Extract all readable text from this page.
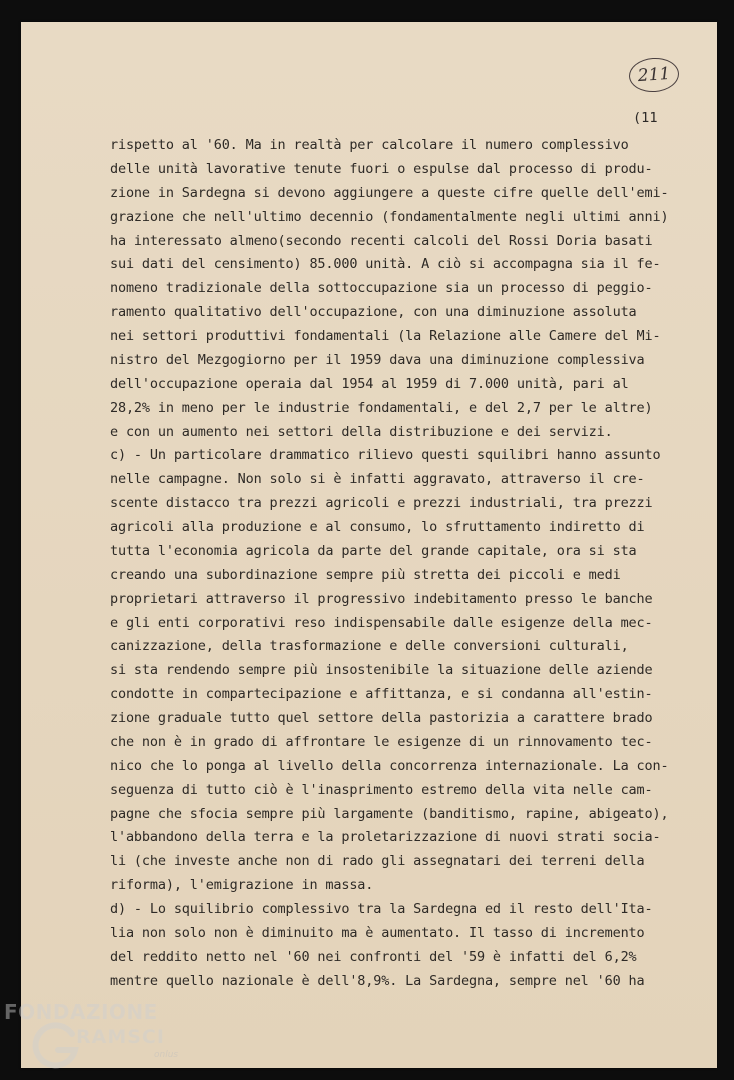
211
(11
rispetto al '60. Ma in realtà per calcolare il numero complessivo
delle unità lavorative tenute fuori o espulse dal processo di produ-
zione in Sardegna si devono aggiungere a queste cifre quelle dell'emi-
grazione che nell'ultimo decennio (fondamentalmente negli ultimi anni)
ha interessato almeno(secondo recenti calcoli del Rossi Doria basati
sui dati del censimento) 85.000 unità. A ciò si accompagna sia il fe-
nomeno tradizionale della sottoccupazione sia un processo di peggio-
ramento qualitativo dell'occupazione, con una diminuzione assoluta
nei settori produttivi fondamentali (la Relazione alle Camere del Mi-
nistro del Mezgogiorno per il 1959 dava una diminuzione complessiva
dell'occupazione operaia dal 1954 al 1959 di 7.000 unità, pari al
28,2% in meno per le industrie fondamentali, e del 2,7 per le altre)
e con un aumento nei settori della distribuzione e dei servizi.
c) - Un particolare drammatico rilievo questi squilibri hanno assunto
nelle campagne. Non solo si è infatti aggravato, attraverso il cre-
scente distacco tra prezzi agricoli e prezzi industriali, tra prezzi
agricoli alla produzione e al consumo, lo sfruttamento indiretto di
tutta l'economia agricola da parte del grande capitale, ora si sta
creando una subordinazione sempre più stretta dei piccoli e medi
proprietari attraverso il progressivo indebitamento presso le banche
e gli enti corporativi reso indispensabile dalle esigenze della mec-
canizzazione, della trasformazione e delle conversioni culturali,
si sta rendendo sempre più insostenibile la situazione delle aziende
condotte in compartecipazione e affittanza, e si condanna all'estin-
zione graduale tutto quel settore della pastorizia a carattere brado
che non è in grado di affrontare le esigenze di un rinnovamento tec-
nico che lo ponga al livello della concorrenza internazionale. La con-
seguenza di tutto ciò è l'inasprimento estremo della vita nelle cam-
pagne che sfocia sempre più largamente (banditismo, rapine, abigeato),
l'abbandono della terra e la proletarizzazione di nuovi strati socia-
li (che investe anche non di rado gli assegnatari dei terreni della
riforma), l'emigrazione in massa.
d) - Lo squilibrio complessivo tra la Sardegna ed il resto dell'Ita-
lia non solo non è diminuito ma è aumentato. Il tasso di incremento
del reddito netto nel '60 nei confronti del '59 è infatti del 6,2%
mentre quello nazionale è dell'8,9%. La Sardegna, sempre nel '60 ha
FONDAZIONE
RAMSCI
onlus
